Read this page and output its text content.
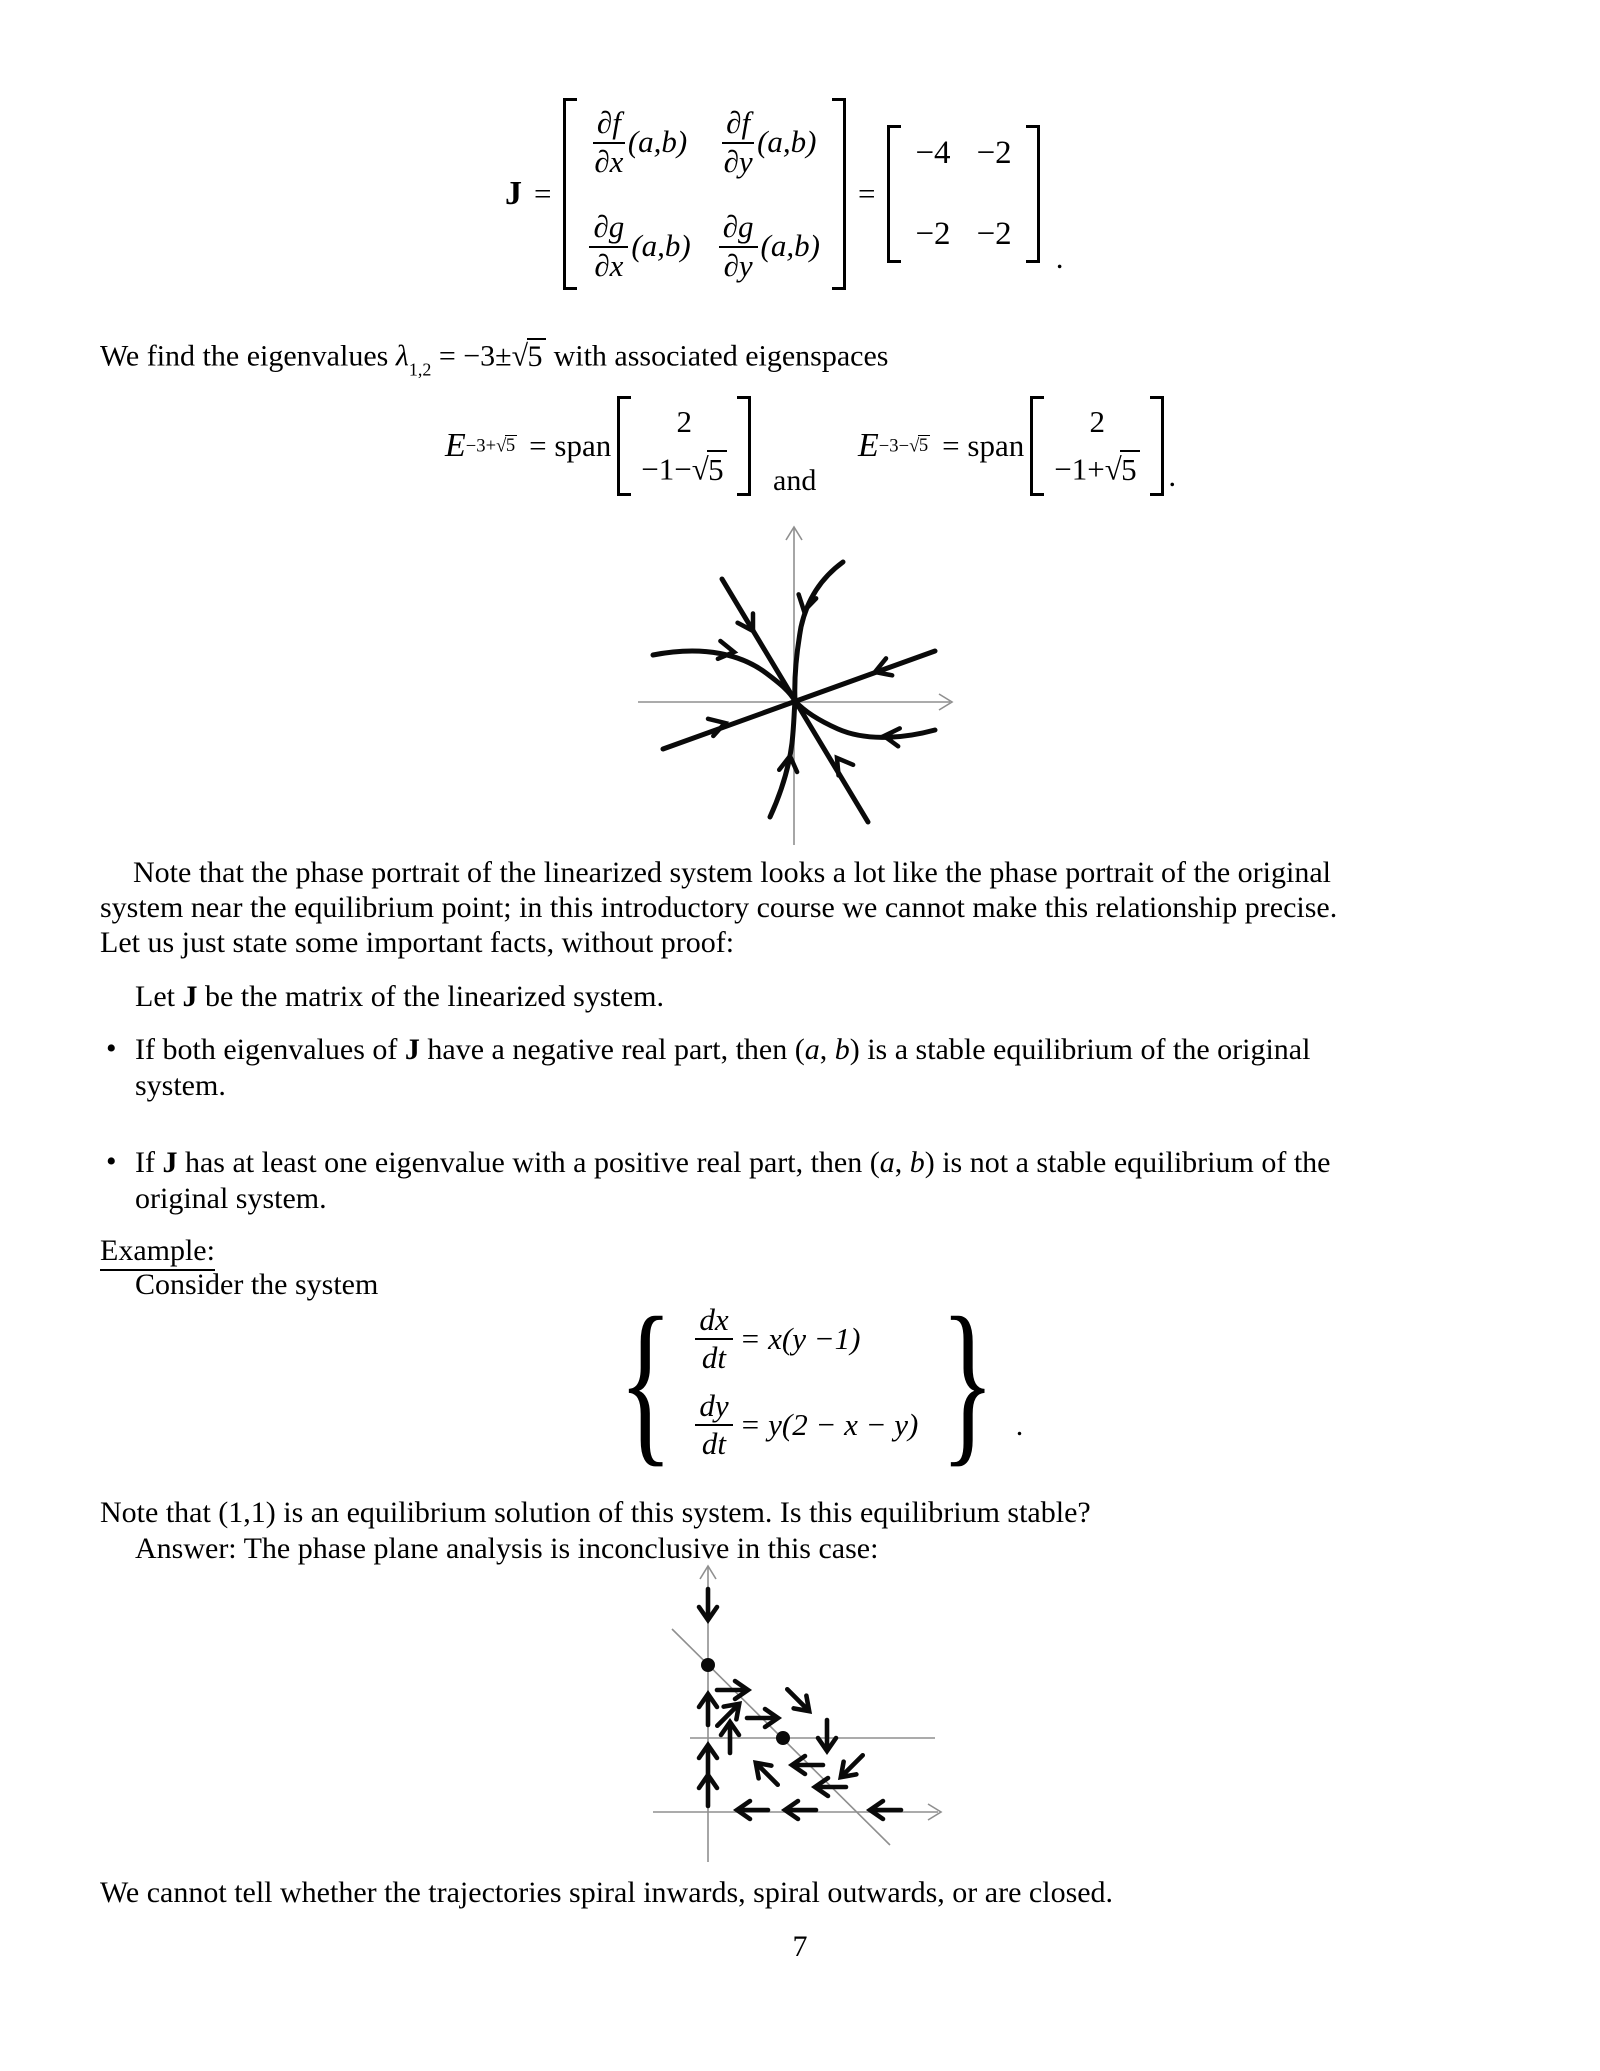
J =
$\frac{\partial f}{\partial x} (a,b) \frac{\partial f}{\partial y} (a,b)$
$\frac{\partial g}{\partial x} (a,b) \frac{\partial g}{\partial y} (a,b)$
=
−4 −2
−2 −2
.
We find the eigenvalues $\lambda_{1,2} = -3\pm√5$ with associated eigenspaces
E −3+√5 = span
2
−1−√5 and
E −3−√5 = span
2
−1+√5 .
Note that the phase portrait of the linearized system looks a lot like the phase portrait of the original
system near the equilibrium point; in this introductory course we cannot make this relationship precise.
Let us just state some important facts, without proof:
Let J be the matrix of the linearized system.
• If both eigenvalues of J have a negative real part, then (a, b) is a stable equilibrium of the original
system.
• If J has at least one eigenvalue with a positive real part, then (a, b) is not a stable equilibrium of the
original system.
Example:
Consider the system { $\frac{dx}{dt} = x(y -1)$
$\frac{dy}{dt} = y(2 - x - y)$ } .
Note that (1,1) is an equilibrium solution of this system. Is this equilibrium stable?
Answer: The phase plane analysis is inconclusive in this case:
We cannot tell whether the trajectories spiral inwards, spiral outwards, or are closed.
7
